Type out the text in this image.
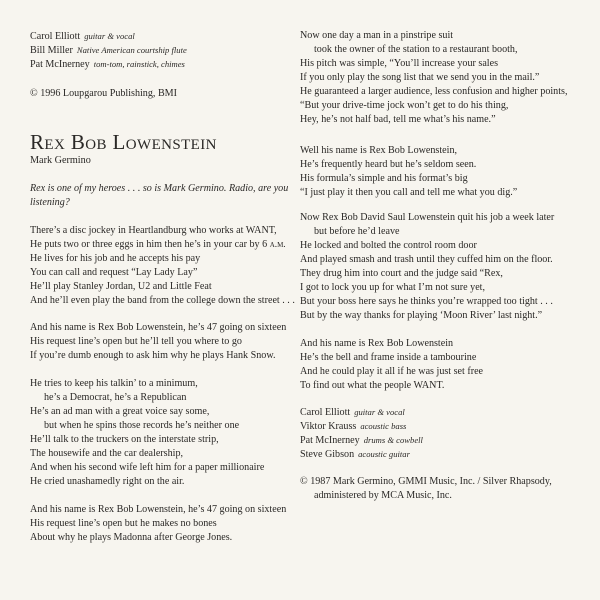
Carol Elliott guitar & vocal
Bill Miller Native American courtship flute
Pat McInerney tom-tom, rainstick, chimes
© 1996 Loupgarou Publishing, BMI
Rex Bob Lowenstein
Mark Germino
Rex is one of my heroes . . . so is Mark Germino. Radio, are you
listening?
There’s a disc jockey in Heartlandburg who works at WANT,
He puts two or three eggs in him then he’s in your car by 6 a.m.
He lives for his job and he accepts his pay
You can call and request “Lay Lady Lay”
He’ll play Stanley Jordan, U2 and Little Feat
And he’ll even play the band from the college down the street . . .
And his name is Rex Bob Lowenstein, he’s 47 going on sixteen
His request line’s open but he’ll tell you where to go
If you’re dumb enough to ask him why he plays Hank Snow.
He tries to keep his talkin’ to a minimum,
he’s a Democrat, he’s a Republican
He’s an ad man with a great voice say some,
but when he spins those records he’s neither one
He’ll talk to the truckers on the interstate strip,
The housewife and the car dealership,
And when his second wife left him for a paper millionaire
He cried unashamedly right on the air.
And his name is Rex Bob Lowenstein, he’s 47 going on sixteen
His request line’s open but he makes no bones
About why he plays Madonna after George Jones.
Now one day a man in a pinstripe suit
took the owner of the station to a restaurant booth,
His pitch was simple, “You’ll increase your sales
If you only play the song list that we send you in the mail.”
He guaranteed a larger audience, less confusion and higher points,
“But your drive-time jock won’t get to do his thing,
Hey, he’s not half bad, tell me what’s his name.”
Well his name is Rex Bob Lowenstein,
He’s frequently heard but he’s seldom seen.
His formula’s simple and his format’s big
“I just play it then you call and tell me what you dig.”
Now Rex Bob David Saul Lowenstein quit his job a week later
but before he’d leave
He locked and bolted the control room door
And played smash and trash until they cuffed him on the floor.
They drug him into court and the judge said “Rex,
I got to lock you up for what I’m not sure yet,
But your boss here says he thinks you’re wrapped too tight . . .
But by the way thanks for playing ‘Moon River’ last night.”
And his name is Rex Bob Lowenstein
He’s the bell and frame inside a tambourine
And he could play it all if he was just set free
To find out what the people WANT.
Carol Elliott guitar & vocal
Viktor Krauss acoustic bass
Pat McInerney drums & cowbell
Steve Gibson acoustic guitar
© 1987 Mark Germino, GMMI Music, Inc. / Silver Rhapsody,
administered by MCA Music, Inc.
